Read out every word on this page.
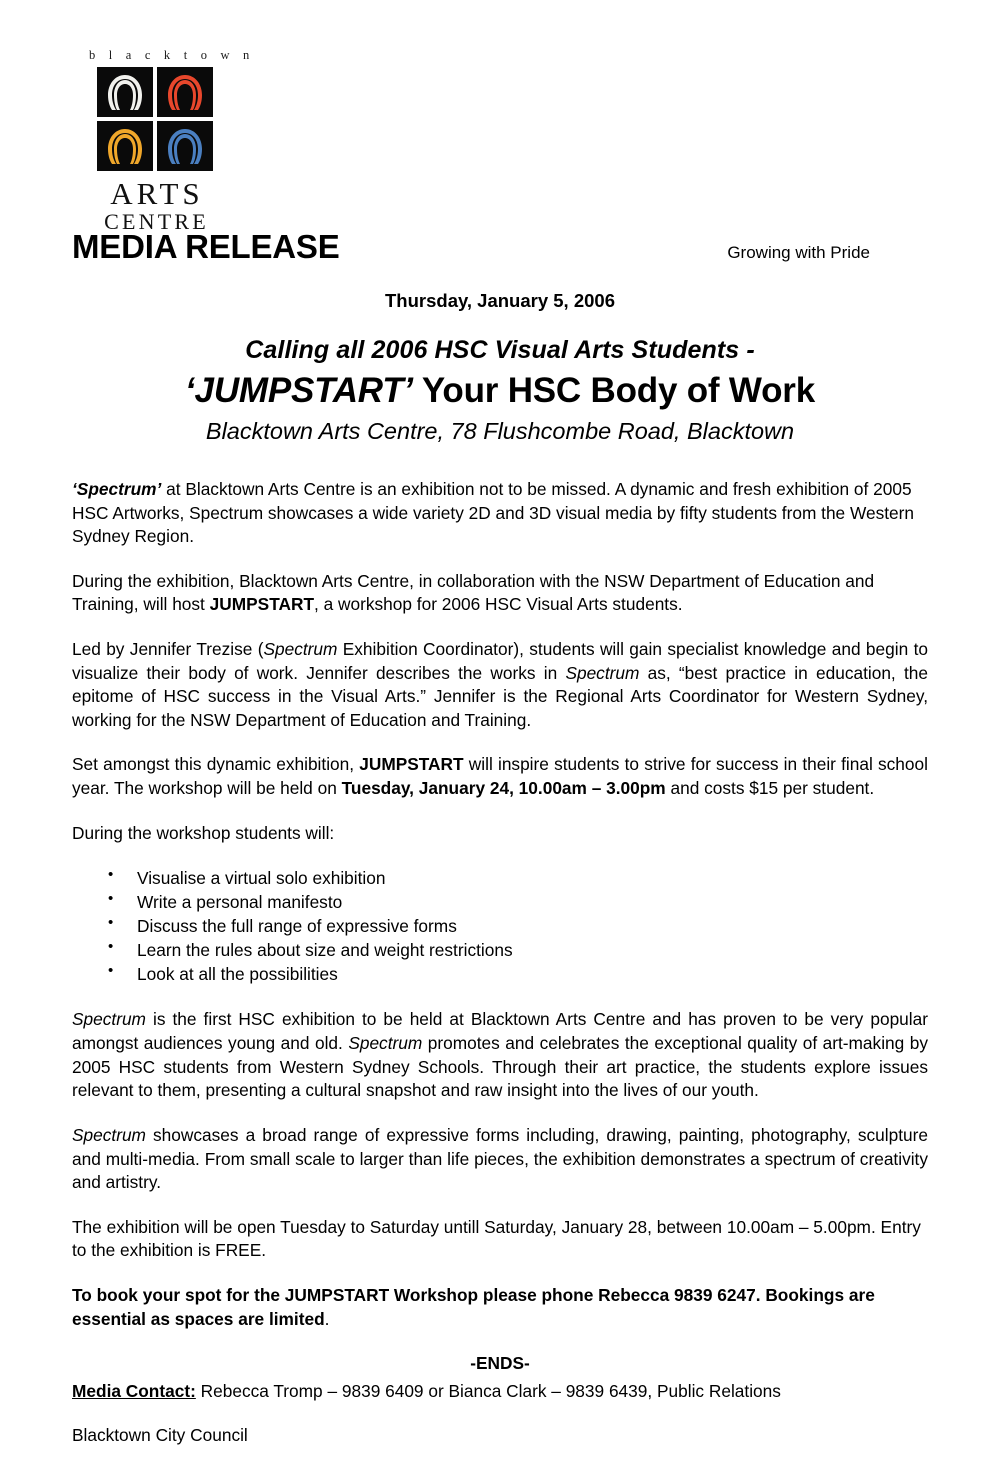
b l a c k t o w n
ARTS
CENTRE
MEDIA RELEASE	Growing with Pride
Thursday, January 5, 2006
Calling all 2006 HSC Visual Arts Students -
‘JUMPSTART’ Your HSC Body of Work
Blacktown Arts Centre, 78 Flushcombe Road, Blacktown

‘Spectrum’ at Blacktown Arts Centre is an exhibition not to be missed. A dynamic and fresh exhibition of 2005 HSC Artworks, Spectrum showcases a wide variety 2D and 3D visual media by fifty students from the Western Sydney Region.

During the exhibition, Blacktown Arts Centre, in collaboration with the NSW Department of Education and Training, will host JUMPSTART, a workshop for 2006 HSC Visual Arts students.

Led by Jennifer Trezise (Spectrum Exhibition Coordinator), students will gain specialist knowledge and begin to visualize their body of work. Jennifer describes the works in Spectrum as, “best practice in education, the epitome of HSC success in the Visual Arts.” Jennifer is the Regional Arts Coordinator for Western Sydney, working for the NSW Department of Education and Training.

Set amongst this dynamic exhibition, JUMPSTART will inspire students to strive for success in their final school year. The workshop will be held on Tuesday, January 24, 10.00am – 3.00pm and costs $15 per student.

During the workshop students will:

• Visualise a virtual solo exhibition
• Write a personal manifesto
• Discuss the full range of expressive forms
• Learn the rules about size and weight restrictions
• Look at all the possibilities

Spectrum is the first HSC exhibition to be held at Blacktown Arts Centre and has proven to be very popular amongst audiences young and old. Spectrum promotes and celebrates the exceptional quality of art-making by 2005 HSC students from Western Sydney Schools. Through their art practice, the students explore issues relevant to them, presenting a cultural snapshot and raw insight into the lives of our youth.

Spectrum showcases a broad range of expressive forms including, drawing, painting, photography, sculpture and multi-media. From small scale to larger than life pieces, the exhibition demonstrates a spectrum of creativity and artistry.

The exhibition will be open Tuesday to Saturday untill Saturday, January 28, between 10.00am – 5.00pm. Entry to the exhibition is FREE.

To book your spot for the JUMPSTART Workshop please phone Rebecca 9839 6247. Bookings are essential as spaces are limited.

-ENDS-

Media Contact: Rebecca Tromp – 9839 6409 or Bianca Clark – 9839 6439, Public Relations

Blacktown City Council
